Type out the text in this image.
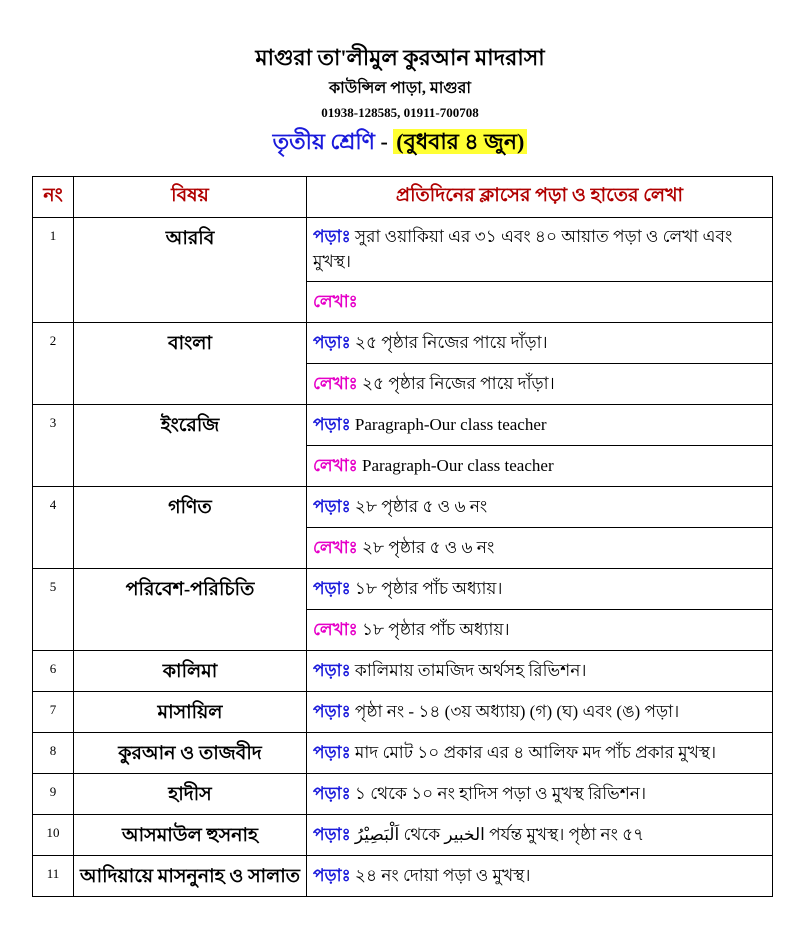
মাগুরা তা'লীমুল কুরআন মাদরাসা
কাউন্সিল পাড়া, মাগুরা
01938-128585, 01911-700708
তৃতীয় শ্রেণি - (বুধবার ৪ জুন)
নং	বিষয়	প্রতিদিনের ক্লাসের পড়া ও হাতের লেখা
1	আরবি	পড়াঃ সুরা ওয়াকিয়া এর ৩১ এবং ৪০ আয়াত পড়া ও লেখা এবং মুখস্থ।
		লেখাঃ
2	বাংলা	পড়াঃ ২৫ পৃষ্ঠার নিজের পায়ে দাঁড়া।
		লেখাঃ ২৫ পৃষ্ঠার নিজের পায়ে দাঁড়া।
3	ইংরেজি	পড়াঃ Paragraph-Our class teacher
		লেখাঃ Paragraph-Our class teacher
4	গণিত	পড়াঃ ২৮ পৃষ্ঠার ৫ ও ৬ নং
		লেখাঃ ২৮ পৃষ্ঠার ৫ ও ৬ নং
5	পরিবেশ-পরিচিতি	পড়াঃ ১৮ পৃষ্ঠার পাঁচ অধ্যায়।
		লেখাঃ ১৮ পৃষ্ঠার পাঁচ অধ্যায়।
6	কালিমা	পড়াঃ কালিমায় তামজিদ অর্থসহ রিভিশন।
7	মাসায়িল	পড়াঃ পৃষ্ঠা নং - ১৪ (৩য় অধ্যায়) (গ) (ঘ) এবং (ঙ) পড়া।
8	কুরআন ও তাজবীদ	পড়াঃ মাদ মোট ১০ প্রকার এর ৪ আলিফ মদ পাঁচ প্রকার মুখস্থ।
9	হাদীস	পড়াঃ ১ থেকে ১০ নং হাদিস পড়া ও মুখস্থ রিভিশন।
10	আসমাউল হুসনাহ	পড়াঃ اَلْبَصِيْرُ থেকে الخبير পর্যন্ত মুখস্থ। পৃষ্ঠা নং ৫৭
11	আদিয়ায়ে মাসনুনাহ ও সালাত	পড়াঃ ২৪ নং দোয়া পড়া ও মুখস্থ।
